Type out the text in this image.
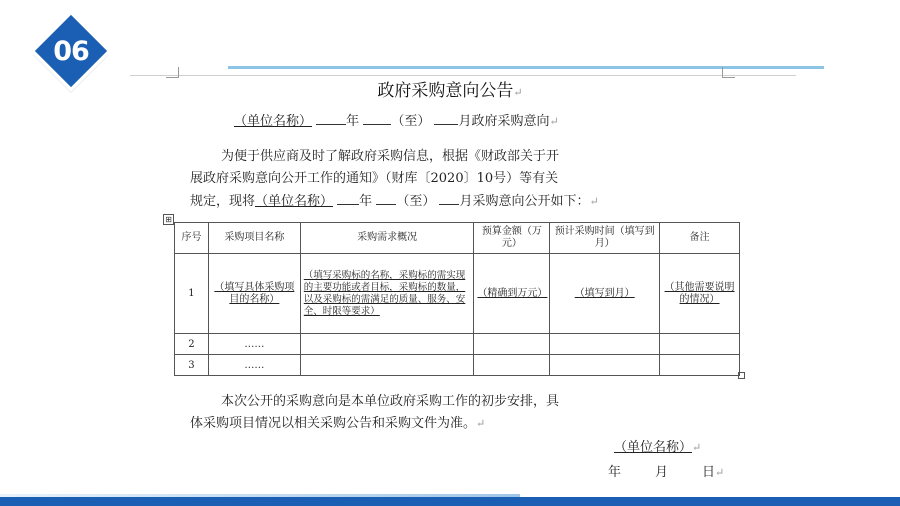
06
政府采购意向公告↵
（单位名称）	年 （至） 月政府采购意向↵
为便于供应商及时了解政府采购信息，根据《财政部关于开
展政府采购意向公开工作的通知》（财库〔2020〕10号）等有关
规定，现将（单位名称） 年 （至） 月采购意向公开如下：↵
⊞
序号	采购项目名称	采购需求概况	预算金额（万元）	预计采购时间（填写到月）	备注
1	（填写具体采购项目的名称）	（填写采购标的名称，采购标的需实现的主要功能或者目标，采购标的数量，以及采购标的需满足的质量、服务、安全、时限等要求）	（精确到万元）	（填写到月）	（其他需要说明的情况）
2	……				
3	……				
本次公开的采购意向是本单位政府采购工作的初步安排，具
体采购项目情况以相关采购公告和采购文件为准。↵
（单位名称）↵
年	月	日↵
